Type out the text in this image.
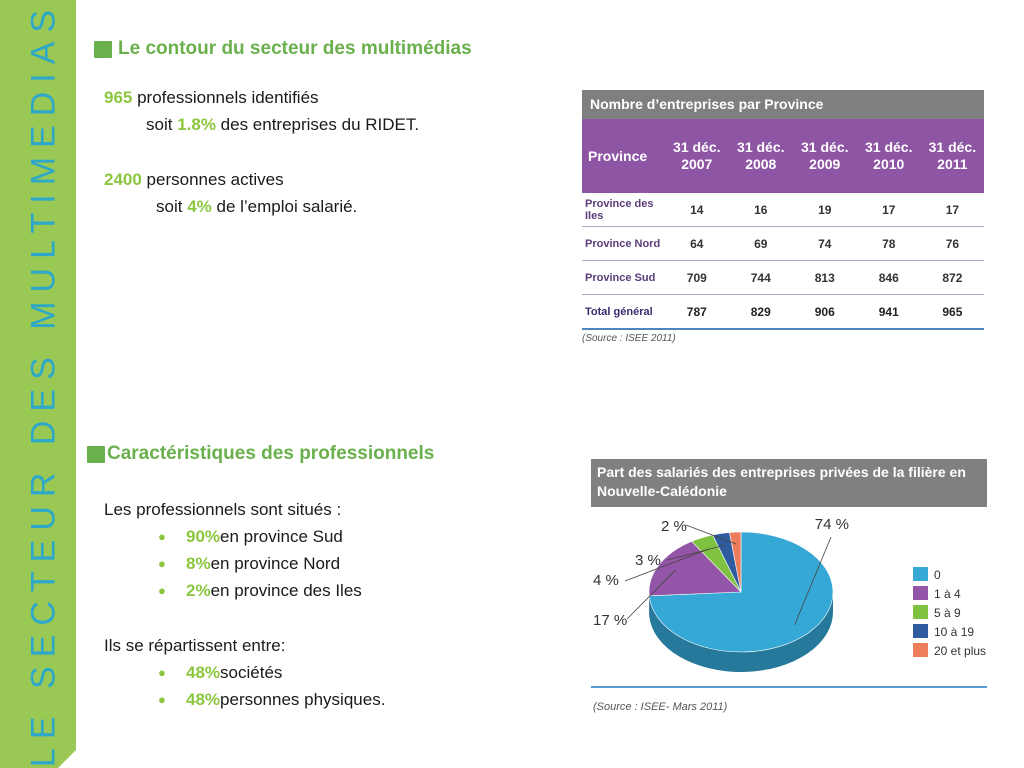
LE SECTEUR DES MULTIMEDIAS	Le contour du secteur des multimédias
965 professionnels identifiés
soit 1.8% des entreprises du RIDET.
2400 personnes actives
soit 4% de l’emploi salarié.
Nombre d’entreprises par Province
Province	31 déc. 2007	31 déc. 2008	31 déc. 2009	31 déc. 2010	31 déc. 2011
Province des Iles	14	16	19	17	17
Province Nord	64	69	74	78	76
Province Sud	709	744	813	846	872
Total général	787	829	906	941	965
(Source : ISEE 2011)
Caractéristiques des professionnels
Les professionnels sont situés :
●	90% en province Sud
●	8% en province Nord
●	2% en province des Iles
Ils se répartissent entre:
●	48% sociétés
●	48% personnes physiques.
Part des salariés des entreprises privées de la filière en Nouvelle-Calédonie
74 %
17 %
4 %
3 %
2 %
0
1 à 4
5 à 9
10 à 19
20 et plus
(Source : ISEE- Mars 2011)
